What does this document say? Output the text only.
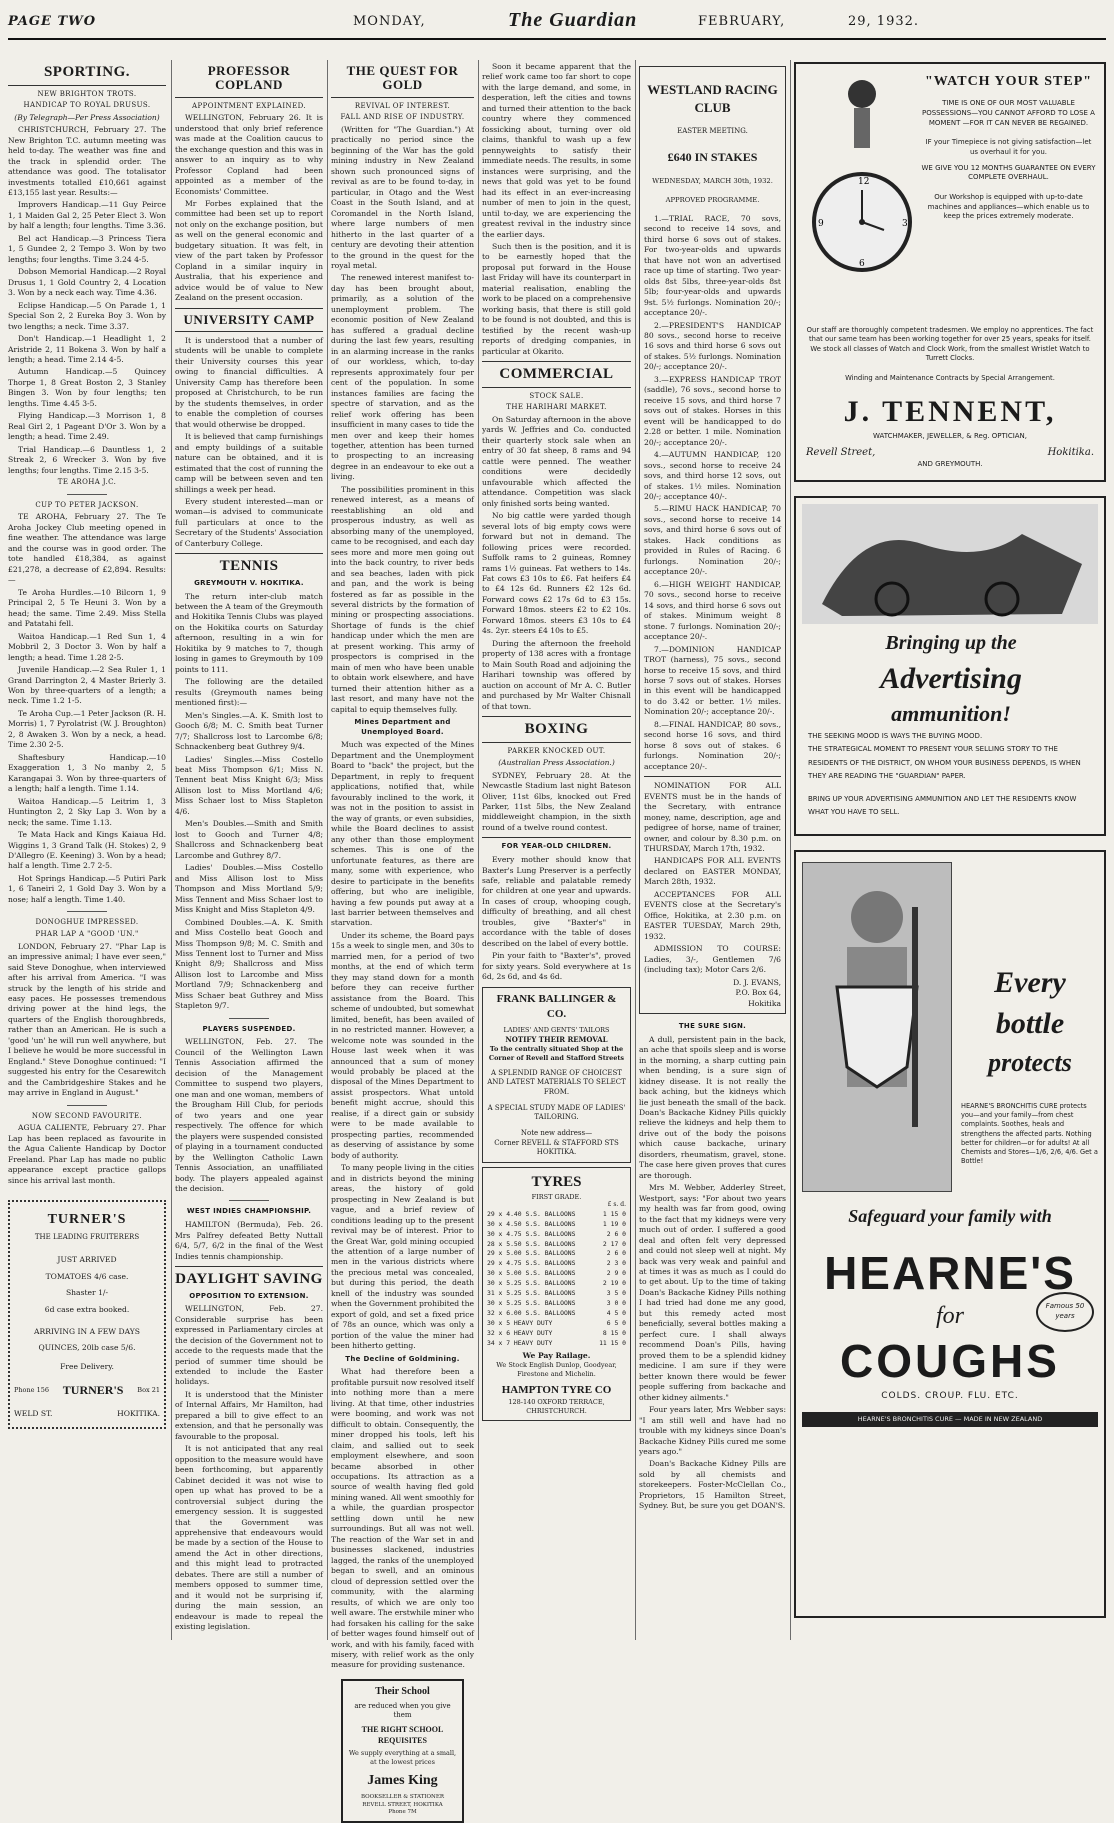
PAGE TWO	MONDAY,	The Guardian	FEBRUARY,	29, 1932.
SPORTING.
NEW BRIGHTON TROTS.
HANDICAP TO ROYAL DRUSUS.
(By Telegraph—Per Press Association)
CHRISTCHURCH, February 27. The New Brighton T.C. autumn meeting was held to-day. The weather was fine and the track in splendid order. The attendance was good. The totalisator investments totalled £10,661 against £13,155 last year. Results:—
Improvers Handicap.—11 Guy Peirce 1, 1 Maiden Gal 2, 25 Peter Elect 3. Won by half a length; four lengths. Time 3.36.
Bel act Handicap.—3 Princess Tiera 1, 5 Gundee 2, 2 Tempo 3. Won by two lengths; four lengths. Time 3.24 4-5.
Dobson Memorial Handicap.—2 Royal Drusus 1, 1 Gold Country 2, 4 Location 3. Won by a neck each way. Time 4.36.
Eclipse Handicap.—5 On Parade 1, 1 Special Son 2, 2 Eureka Boy 3. Won by two lengths; a neck. Time 3.37.
Don't Handicap.—1 Headlight 1, 2 Aristride 2, 11 Bokena 3. Won by half a length; a head. Time 2.14 4-5.
Autumn Handicap.—5 Quincey Thorpe 1, 8 Great Boston 2, 3 Stanley Bingen 3. Won by four lengths; ten lengths. Time 4.45 3-5.
Flying Handicap.—3 Morrison 1, 8 Real Girl 2, 1 Pageant D'Or 3. Won by a length; a head. Time 2.49.
Trial Handicap.—6 Dauntless 1, 2 Streak 2, 6 Wrecker 3. Won by five lengths; four lengths. Time 2.15 3-5.
TE AROHA J.C.
CUP TO PETER JACKSON.
TE AROHA, February 27. The Te Aroha Jockey Club meeting opened in fine weather. The attendance was large and the course was in good order. The tote handled £18,384, as against £21,278, a decrease of £2,894. Results:—
Te Aroha Hurdles.—10 Bilcorn 1, 9 Principal 2, 5 Te Heuni 3. Won by a head; the same. Time 2.49. Miss Stella and Patatahi fell.
Waitoa Handicap.—1 Red Sun 1, 4 Mobbril 2, 3 Doctor 3. Won by half a length; a head. Time 1.28 2-5.
Juvenile Handicap.—2 Sea Ruler 1, 1 Grand Darrington 2, 4 Master Brierly 3. Won by three-quarters of a length; a neck. Time 1.2 1-5.
Te Aroha Cup.—1 Peter Jackson (R. H. Morris) 1, 7 Pyrolatrist (W. J. Broughton) 2, 8 Awaken 3. Won by a neck, a head. Time 2.30 2-5.
Shaftesbury Handicap.—10 Exaggeration 1, 3 No manby 2, 5 Karangapai 3. Won by three-quarters of a length; half a length. Time 1.14.
Waitoa Handicap.—5 Leitrim 1, 3 Huntington 2, 2 Sky Lap 3. Won by a neck; the same. Time 1.13.
Te Mata Hack and Kings Kaiaua Hd. Wiggins 1, 3 Grand Talk (H. Stokes) 2, 9 D'Allegro (E. Keening) 3. Won by a head; half a length. Time 2.7 2-5.
Hot Springs Handicap.—5 Putiri Park 1, 6 Taneiri 2, 1 Gold Day 3. Won by a nose; half a length. Time 1.40.
DONOGHUE IMPRESSED.
PHAR LAP A "GOOD 'UN."
LONDON, February 27. "Phar Lap is an impressive animal; I have ever seen," said Steve Donoghue, when interviewed after his arrival from America. "I was struck by the length of his stride and easy paces. He possesses tremendous driving power at the hind legs, the quarters of the English thoroughbreds, rather than an American. He is such a 'good 'un' he will run well anywhere, but I believe he would be more successful in England." Steve Donoghue continued: "I suggested his entry for the Cesarewitch and the Cambridgeshire Stakes and he may arrive in England in August."
NOW SECOND FAVOURITE.
AGUA CALIENTE, February 27. Phar Lap has been replaced as favourite in the Agua Caliente Handicap by Doctor Freeland. Phar Lap has made no public appearance except practice gallops since his arrival last month.
TURNER'S
THE LEADING FRUITERERS
JUST ARRIVED
TOMATOES 4/6 case.
Shaster 1/-
6d case extra booked.
ARRIVING IN A FEW DAYS
QUINCES, 20lb case 5/6.
Free Delivery.
Phone 156 TURNER'S Box 21
WELD ST.	HOKITIKA.
PROFESSOR COPLAND
APPOINTMENT EXPLAINED.
WELLINGTON, February 26. It is understood that only brief reference was made at the Coalition caucus to the exchange question and this was in answer to an inquiry as to why Professor Copland had been appointed as a member of the Economists' Committee.
Mr Forbes explained that the committee had been set up to report not only on the exchange position, but as well on the general economic and budgetary situation. It was felt, in view of the part taken by Professor Copland in a similar inquiry in Australia, that his experience and advice would be of value to New Zealand on the present occasion.
UNIVERSITY CAMP
It is understood that a number of students will be unable to complete their University courses this year owing to financial difficulties. A University Camp has therefore been proposed at Christchurch, to be run by the students themselves, in order to enable the completion of courses that would otherwise be dropped.
It is believed that camp furnishings and empty buildings of a suitable nature can be obtained, and it is estimated that the cost of running the camp will be between seven and ten shillings a week per head.
Every student interested—man or woman—is advised to communicate full particulars at once to the Secretary of the Students' Association of Canterbury College.
TENNIS
GREYMOUTH V. HOKITIKA.
The return inter-club match between the A team of the Greymouth and Hokitika Tennis Clubs was played on the Hokitika courts on Saturday afternoon, resulting in a win for Hokitika by 9 matches to 7, though losing in games to Greymouth by 109 points to 111.
The following are the detailed results (Greymouth names being mentioned first):—
Men's Singles.—A. K. Smith lost to Gooch 6/8; M. C. Smith beat Turner 7/7; Shallcross lost to Larcombe 6/8; Schnackenberg beat Guthrey 9/4.
Ladies' Singles.—Miss Costello beat Miss Thompson 6/1; Miss N. Tennent beat Miss Knight 6/3; Miss Allison lost to Miss Mortland 4/6; Miss Schaer lost to Miss Stapleton 4/6.
Men's Doubles.—Smith and Smith lost to Gooch and Turner 4/8; Shallcross and Schnackenberg beat Larcombe and Guthrey 8/7.
Ladies' Doubles.—Miss Costello and Miss Allison lost to Miss Thompson and Miss Mortland 5/9; Miss Tennent and Miss Schaer lost to Miss Knight and Miss Stapleton 4/9.
Combined Doubles.—A. K. Smith and Miss Costello beat Gooch and Miss Thompson 9/8; M. C. Smith and Miss Tennent lost to Turner and Miss Knight 8/9; Shallcross and Miss Allison lost to Larcombe and Miss Mortland 7/9; Schnackenberg and Miss Schaer beat Guthrey and Miss Stapleton 9/7.
PLAYERS SUSPENDED.
WELLINGTON, Feb. 27. The Council of the Wellington Lawn Tennis Association affirmed the decision of the Management Committee to suspend two players, one man and one woman, members of the Brougham Hill Club, for periods of two years and one year respectively. The offence for which the players were suspended consisted of playing in a tournament conducted by the Wellington Catholic Lawn Tennis Association, an unaffiliated body. The players appealed against the decision.
WEST INDIES CHAMPIONSHIP.
HAMILTON (Bermuda), Feb. 26. Mrs Palfrey defeated Betty Nuttall 6/4, 5/7, 6/2 in the final of the West Indies tennis championship.
DAYLIGHT SAVING
OPPOSITION TO EXTENSION.
WELLINGTON, Feb. 27. Considerable surprise has been expressed in Parliamentary circles at the decision of the Government not to accede to the requests made that the period of summer time should be extended to include the Easter holidays.
It is understood that the Minister of Internal Affairs, Mr Hamilton, had prepared a bill to give effect to an extension, and that he personally was favourable to the proposal.
It is not anticipated that any real opposition to the measure would have been forthcoming, but apparently Cabinet decided it was not wise to open up what has proved to be a controversial subject during the emergency session. It is suggested that the Government was apprehensive that endeavours would be made by a section of the House to amend the Act in other directions, and this might lead to protracted debates. There are still a number of members opposed to summer time, and it would not be surprising if, during the main session, an endeavour is made to repeal the existing legislation.
THE QUEST FOR GOLD
REVIVAL OF INTEREST.
FALL AND RISE OF INDUSTRY.
(Written for "The Guardian.") At practically no period since the beginning of the War has the gold mining industry in New Zealand shown such pronounced signs of revival as are to be found to-day, in particular, in Otago and the West Coast in the South Island, and at Coromandel in the North Island, where large numbers of men hitherto in the last quarter of a century are devoting their attention to the ground in the quest for the royal metal.
The renewed interest manifest to-day has been brought about, primarily, as a solution of the unemployment problem. The economic position of New Zealand has suffered a gradual decline during the last few years, resulting in an alarming increase in the ranks of our workless, which, to-day represents approximately four per cent of the population. In some instances families are facing the spectre of starvation, and as the relief work offering has been insufficient in many cases to tide the men over and keep their homes together, attention has been turned to prospecting to an increasing degree in an endeavour to eke out a living.
The possibilities prominent in this renewed interest, as a means of reestablishing an old and prosperous industry, as well as absorbing many of the unemployed, came to be recognised, and each day sees more and more men going out into the back country, to river beds and sea beaches, laden with pick and pan, and the work is being fostered as far as possible in the several districts by the formation of mining or prospecting associations. Shortage of funds is the chief handicap under which the men are at present working. This army of prospectors is comprised in the main of men who have been unable to obtain work elsewhere, and have turned their attention hither as a last resort, and many have not the capital to equip themselves fully.
Mines Department and Unemployed Board.
Much was expected of the Mines Department and the Unemployment Board to "back" the project, but the Department, in reply to frequent applications, notified that, while favourably inclined to the work, it was not in the position to assist in the way of grants, or even subsidies, while the Board declines to assist any other than those employment schemes. This is one of the unfortunate features, as there are many, some with experience, who desire to participate in the benefits offering, but who are ineligible, having a few pounds put away at a last barrier between themselves and starvation.
Under its scheme, the Board pays 15s a week to single men, and 30s to married men, for a period of two months, at the end of which term they may stand down for a month before they can receive further assistance from the Board. This scheme of undoubted, but somewhat limited, benefit, has been availed of in no restricted manner. However, a welcome note was sounded in the House last week when it was announced that a sum of money would probably be placed at the disposal of the Mines Department to assist prospectors. What untold benefit might accrue, should this realise, if a direct gain or subsidy were to be made available to prospecting parties, recommended as deserving of assistance by some body of authority.
To many people living in the cities and in districts beyond the mining areas, the history of gold prospecting in New Zealand is but vague, and a brief review of conditions leading up to the present revival may be of interest. Prior to the Great War, gold mining occupied the attention of a large number of men in the various districts where the precious metal was concealed, but during this period, the death knell of the industry was sounded when the Government prohibited the export of gold, and set a fixed price of 78s an ounce, which was only a portion of the value the miner had been hitherto getting.
The Decline of Goldmining.
What had therefore been a profitable pursuit now resolved itself into nothing more than a mere living. At that time, other industries were booming, and work was not difficult to obtain. Consequently, the miner dropped his tools, left his claim, and sallied out to seek employment elsewhere, and soon became absorbed in other occupations. Its attraction as a source of wealth having fled gold mining waned. All went smoothly for a while, the guardian prospector settling down until he new surroundings. But all was not well. The reaction of the War set in and businesses slackened, industries lagged, the ranks of the unemployed began to swell, and an ominous cloud of depression settled over the community, with the alarming results, of which we are only too well aware. The erstwhile miner who had forsaken his calling for the sake of better wages found himself out of work, and with his family, faced with misery, with relief work as the only measure for providing sustenance.
Their School
are reduced when you give them
THE RIGHT SCHOOL REQUISITES
We supply everything at a small, at the lowest prices
James King
BOOKSELLER & STATIONER
REVELL STREET, HOKITIKA
Phone 7M
Soon it became apparent that the relief work came too far short to cope with the large demand, and some, in desperation, left the cities and towns and turned their attention to the back country where they commenced fossicking about, turning over old claims, thankful to wash up a few pennyweights to satisfy their immediate needs. The results, in some instances were surprising, and the news that gold was yet to be found had its effect in an ever-increasing number of men to join in the quest, until to-day, we are experiencing the greatest revival in the industry since the earlier days.
Such then is the position, and it is to be earnestly hoped that the proposal put forward in the House last Friday will have its counterpart in material realisation, enabling the work to be placed on a comprehensive working basis, that there is still gold to be found is not doubted, and this is testified by the recent wash-up reports of dredging companies, in particular at Okarito.
COMMERCIAL
STOCK SALE.
THE HARIHARI MARKET.
On Saturday afternoon in the above yards W. Jeffries and Co. conducted their quarterly stock sale when an entry of 30 fat sheep, 8 rams and 94 cattle were penned. The weather conditions were decidedly unfavourable which affected the attendance. Competition was slack only finished sorts being wanted.
No big cattle were yarded though several lots of big empty cows were forward but not in demand. The following prices were recorded. Suffolk rams to 2 guineas, Romney rams 1½ guineas. Fat wethers to 14s. Fat cows £3 10s to £6. Fat heifers £4 to £4 12s 6d. Runners £2 12s 6d. Forward cows £2 17s 6d to £3 15s. Forward 18mos. steers £2 to £2 10s. Forward 18mos. steers £3 10s to £4 4s. 2yr. steers £4 10s to £5.
During the afternoon the freehold property of 138 acres with a frontage to Main South Road and adjoining the Harihari township was offered by auction on account of Mr A. C. Butler and purchased by Mr Walter Chisnall of that town.
BOXING
PARKER KNOCKED OUT.
(Australian Press Association.)
SYDNEY, February 28. At the Newcastle Stadium last night Bateson Oliver, 11st 6lbs, knocked out Fred Parker, 11st 5lbs, the New Zealand middleweight champion, in the sixth round of a twelve round contest.
FOR YEAR-OLD CHILDREN.
Every mother should know that Baxter's Lung Preserver is a perfectly safe, reliable and palatable remedy for children at one year and upwards. In cases of croup, whooping cough, difficulty of breathing, and all chest troubles, give "Baxter's" in accordance with the table of doses described on the label of every bottle.
Pin your faith to "Baxter's", proved for sixty years. Sold everywhere at 1s 6d, 2s 6d, and 4s 6d.
FRANK BALLINGER & CO.
LADIES' AND GENTS' TAILORS
NOTIFY THEIR REMOVAL
To the centrally situated Shop at the Corner of Revell and Stafford Streets
A SPLENDID RANGE OF CHOICEST AND LATEST MATERIALS TO SELECT FROM.
A SPECIAL STUDY MADE OF LADIES' TAILORING.
Note new address—
Corner REVELL & STAFFORD STS HOKITIKA.
TYRES
FIRST GRADE.
£ s. d.
29 x 4.40 S.S. BALLOONS	1 15 0
30 x 4.50 S.S. BALLOONS	1 19 0
30 x 4.75 S.S. BALLOONS	2 6 0
28 x 5.50 S.S. BALLOONS	2 17 0
29 x 5.00 S.S. BALLOONS	2 6 0
29 x 4.75 S.S. BALLOONS	2 3 0
30 x 5.00 S.S. BALLOONS	2 9 0
30 x 5.25 S.S. BALLOONS	2 19 0
31 x 5.25 S.S. BALLOONS	3 5 0
30 x 5.25 S.S. BALLOONS	3 0 0
32 x 6.00 S.S. BALLOONS	4 5 0
30 x 5 HEAVY DUTY	6 5 0
32 x 6 HEAVY DUTY	8 15 0
34 x 7 HEAVY DUTY	11 15 0
We Pay Railage.
We Stock English Dunlop, Goodyear, Firestone and Michelin.
HAMPTON TYRE CO
128-140 OXFORD TERRACE,
CHRISTCHURCH.
WESTLAND RACING
CLUB
EASTER MEETING.
£640 IN STAKES
WEDNESDAY, MARCH 30th, 1932.
APPROVED PROGRAMME.
1.—TRIAL RACE, 70 sovs, second to receive 14 sovs, and third horse 6 sovs out of stakes. For two-year-olds and upwards that have not won an advertised race up time of starting. Two year-olds 8st 5lbs, three-year-olds 8st 5lb; four-year-olds and upwards 9st. 5½ furlongs. Nomination 20/-; acceptance 20/-.
2.—PRESIDENT'S HANDICAP 80 sovs., second horse to receive 16 sovs and third horse 6 sovs out of stakes. 5½ furlongs. Nomination 20/-; acceptance 20/-.
3.—EXPRESS HANDICAP TROT (saddle), 76 sovs., second horse to receive 15 sovs, and third horse 7 sovs out of stakes. Horses in this event will be handicapped to do 2.28 or better. 1 mile. Nomination 20/-; acceptance 20/-.
4.—AUTUMN HANDICAP, 120 sovs., second horse to receive 24 sovs, and third horse 12 sovs, out of stakes. 1½ miles. Nomination 20/-; acceptance 40/-.
5.—RIMU HACK HANDICAP, 70 sovs., second horse to receive 14 sovs, and third horse 6 sovs out of stakes. Hack conditions as provided in Rules of Racing. 6 furlongs. Nomination 20/-; acceptance 20/-.
6.—HIGH WEIGHT HANDICAP, 70 sovs., second horse to receive 14 sovs, and third horse 6 sovs out of stakes. Minimum weight 8 stone. 7 furlongs. Nomination 20/-; acceptance 20/-.
7.—DOMINION HANDICAP TROT (harness), 75 sovs., second horse to receive 15 sovs, and third horse 7 sovs out of stakes. Horses in this event will be handicapped to do 3.42 or better. 1½ miles. Nomination 20/-; acceptance 20/-.
8.—FINAL HANDICAP, 80 sovs., second horse 16 sovs, and third horse 8 sovs out of stakes. 6 furlongs. Nomination 20/-; acceptance 20/-.
NOMINATION FOR ALL EVENTS must be in the hands of the Secretary, with entrance money, name, description, age and pedigree of horse, name of trainer, owner, and colour by 8.30 p.m. on THURSDAY, March 17th, 1932.
HANDICAPS FOR ALL EVENTS declared on EASTER MONDAY, March 28th, 1932.
ACCEPTANCES FOR ALL EVENTS close at the Secretary's Office, Hokitika, at 2.30 p.m. on EASTER TUESDAY, March 29th, 1932.
ADMISSION TO COURSE: Ladies, 3/-, Gentlemen 7/6 (including tax); Motor Cars 2/6.
D. J. EVANS,
P.O. Box 64,
Hokitika
THE SURE SIGN.
A dull, persistent pain in the back, an ache that spoils sleep and is worse in the morning, a sharp cutting pain when bending, is a sure sign of kidney disease. It is not really the back aching, but the kidneys which lie just beneath the small of the back. Doan's Backache Kidney Pills quickly relieve the kidneys and help them to drive out of the body the poisons which cause backache, urinary disorders, rheumatism, gravel, stone. The case here given proves that cures are thorough.
Mrs M. Webber, Adderley Street, Westport, says: "For about two years my health was far from good, owing to the fact that my kidneys were very much out of order. I suffered a good deal and often felt very depressed and could not sleep well at night. My back was very weak and painful and at times it was as much as I could do to get about. Up to the time of taking Doan's Backache Kidney Pills nothing I had tried had done me any good, but this remedy acted most beneficially, several bottles making a perfect cure. I shall always recommend Doan's Pills, having proved them to be a splendid kidney medicine. I am sure if they were better known there would be fewer people suffering from backache and other kidney ailments."
Four years later, Mrs Webber says: "I am still well and have had no trouble with my kidneys since Doan's Backache Kidney Pills cured me some years ago."
Doan's Backache Kidney Pills are sold by all chemists and storekeepers. Foster-McClellan Co., Proprietors, 15 Hamilton Street, Sydney. But, be sure you get DOAN'S.
12
3
6
9
"WATCH YOUR STEP"
TIME IS ONE OF OUR MOST VALUABLE POSSESSIONS—YOU CANNOT AFFORD TO LOSE A MOMENT —FOR IT CAN NEVER BE REGAINED.
IF your Timepiece is not giving satisfaction—let us overhaul it for you.
WE GIVE YOU 12 MONTHS GUARANTEE ON EVERY COMPLETE OVERHAUL.
Our Workshop is equipped with up-to-date machines and appliances—which enable us to keep the prices extremely moderate.
Our staff are thoroughly competent tradesmen. We employ no apprentices. The fact that our same team has been working together for over 25 years, speaks for itself. We stock all classes of Watch and Clock Work, from the smallest Wristlet Watch to Turrett Clocks.
Winding and Maintenance Contracts by Special Arrangement.
J. TENNENT,
WATCHMAKER, JEWELLER, & Reg. OPTICIAN,
Revell Street,	Hokitika.
AND GREYMOUTH.
Bringing up the
Advertising
ammunition!
THE SEEKING MOOD IS WAYS THE BUYING MOOD.
THE STRATEGICAL MOMENT TO PRESENT YOUR SELLING STORY TO THE RESIDENTS OF THE DISTRICT, ON WHOM YOUR BUSINESS DEPENDS, IS WHEN THEY ARE READING THE "GUARDIAN" PAPER.
BRING UP YOUR ADVERTISING AMMUNITION AND LET THE RESIDENTS KNOW WHAT YOU HAVE TO SELL.
Every
bottle
protects
HEARNE'S BRONCHITIS CURE protects you—and your family—from chest complaints. Soothes, heals and strengthens the affected parts. Nothing better for children—or for adults! At all Chemists and Stores—1/6, 2/6, 4/6. Get a Bottle!
Safeguard your family with
HEARNE'S
for
COUGHS
Famous 50 years
COLDS. CROUP. FLU. ETC.
HEARNE'S BRONCHITIS CURE — MADE IN NEW ZEALAND
